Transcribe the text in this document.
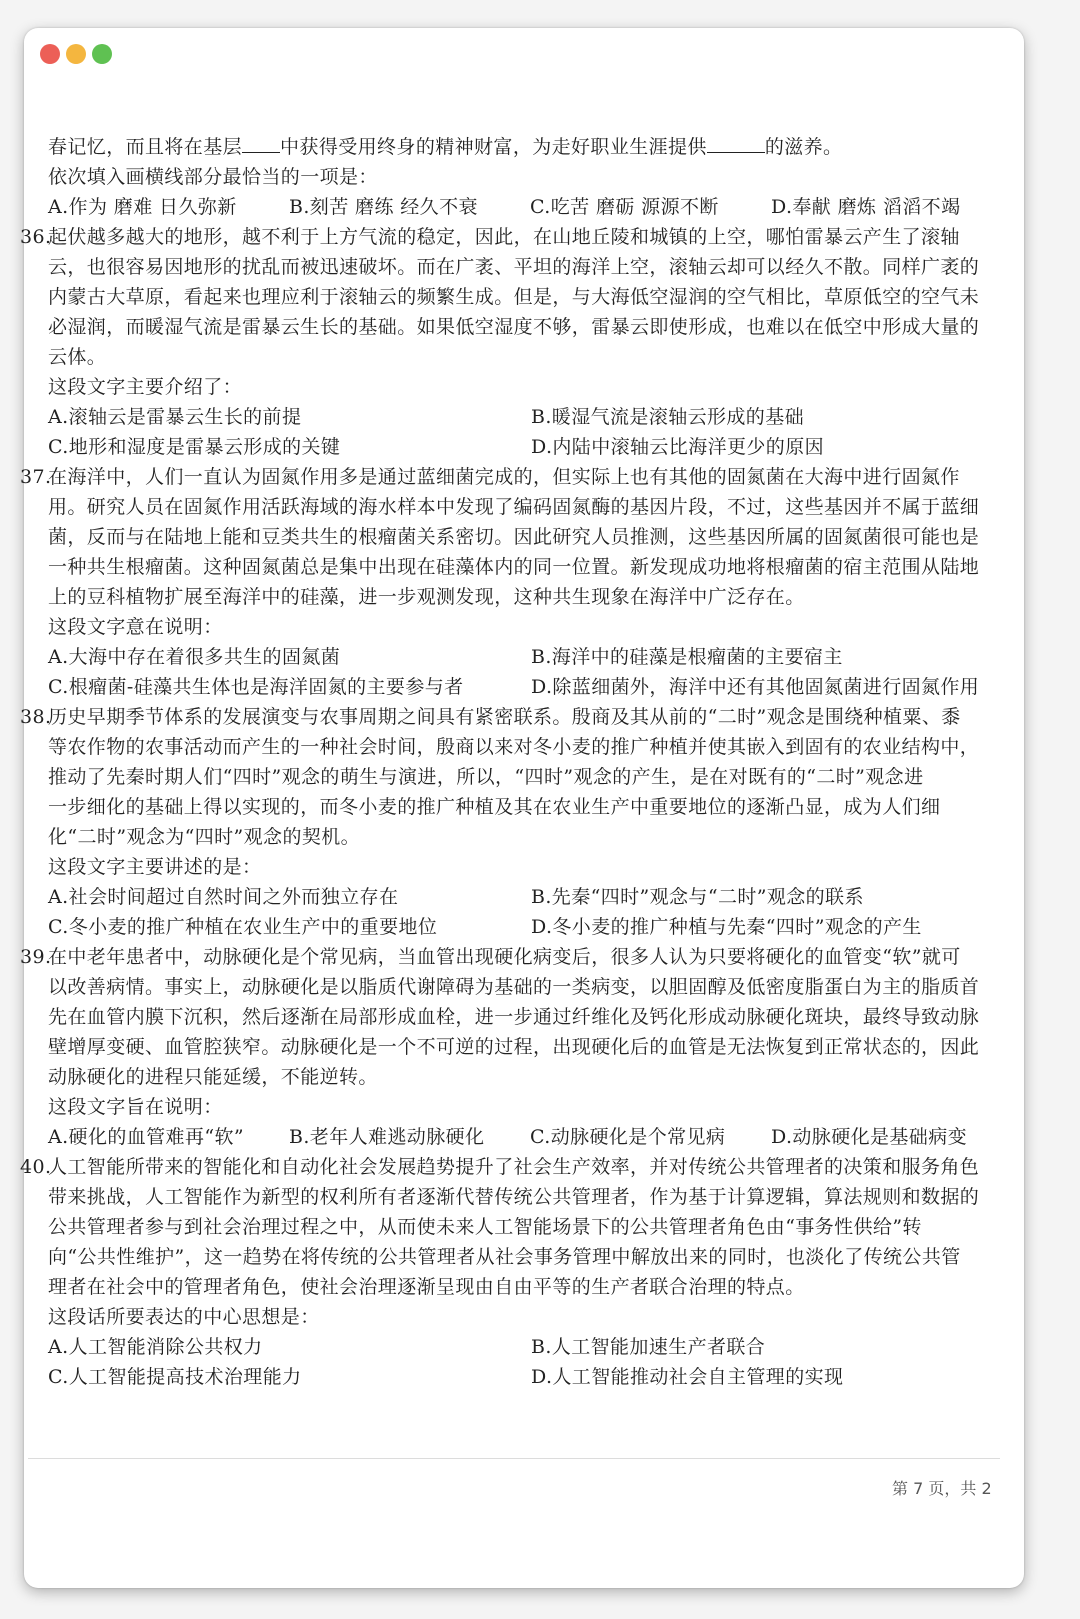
春记忆，而且将在基层 中获得受用终身的精神财富，为走好职业生涯提供	的滋养。
依次填入画横线部分最恰当的一项是：
A.作为 磨难 日久弥新	B.刻苦 磨练 经久不衰	C.吃苦 磨砺 源源不断	D.奉献 磨炼 滔滔不竭
36.起伏越多越大的地形，越不利于上方气流的稳定，因此，在山地丘陵和城镇的上空，哪怕雷暴云产生了滚轴
云，也很容易因地形的扰乱而被迅速破坏。而在广袤、平坦的海洋上空，滚轴云却可以经久不散。同样广袤的
内蒙古大草原，看起来也理应利于滚轴云的频繁生成。但是，与大海低空湿润的空气相比，草原低空的空气未
必湿润，而暖湿气流是雷暴云生长的基础。如果低空湿度不够，雷暴云即使形成，也难以在低空中形成大量的
云体。
这段文字主要介绍了：
A.滚轴云是雷暴云生长的前提	B.暖湿气流是滚轴云形成的基础
C.地形和湿度是雷暴云形成的关键	D.内陆中滚轴云比海洋更少的原因
37.在海洋中，人们一直认为固氮作用多是通过蓝细菌完成的，但实际上也有其他的固氮菌在大海中进行固氮作
用。研究人员在固氮作用活跃海域的海水样本中发现了编码固氮酶的基因片段，不过，这些基因并不属于蓝细
菌，反而与在陆地上能和豆类共生的根瘤菌关系密切。因此研究人员推测，这些基因所属的固氮菌很可能也是
一种共生根瘤菌。这种固氮菌总是集中出现在硅藻体内的同一位置。新发现成功地将根瘤菌的宿主范围从陆地
上的豆科植物扩展至海洋中的硅藻，进一步观测发现，这种共生现象在海洋中广泛存在。
这段文字意在说明：
A.大海中存在着很多共生的固氮菌	B.海洋中的硅藻是根瘤菌的主要宿主
C.根瘤菌-硅藻共生体也是海洋固氮的主要参与者	D.除蓝细菌外，海洋中还有其他固氮菌进行固氮作用
38.历史早期季节体系的发展演变与农事周期之间具有紧密联系。殷商及其从前的“二时”观念是围绕种植粟、黍
等农作物的农事活动而产生的一种社会时间，殷商以来对冬小麦的推广种植并使其嵌入到固有的农业结构中，
推动了先秦时期人们“四时”观念的萌生与演进，所以，“四时”观念的产生，是在对既有的“二时”观念进
一步细化的基础上得以实现的，而冬小麦的推广种植及其在农业生产中重要地位的逐渐凸显，成为人们细
化“二时”观念为“四时”观念的契机。
这段文字主要讲述的是：
A.社会时间超过自然时间之外而独立存在	B.先秦“四时”观念与“二时”观念的联系
C.冬小麦的推广种植在农业生产中的重要地位	D.冬小麦的推广种植与先秦“四时”观念的产生
39.在中老年患者中，动脉硬化是个常见病，当血管出现硬化病变后，很多人认为只要将硬化的血管变“软”就可
以改善病情。事实上，动脉硬化是以脂质代谢障碍为基础的一类病变，以胆固醇及低密度脂蛋白为主的脂质首
先在血管内膜下沉积，然后逐渐在局部形成血栓，进一步通过纤维化及钙化形成动脉硬化斑块，最终导致动脉
壁增厚变硬、血管腔狭窄。动脉硬化是一个不可逆的过程，出现硬化后的血管是无法恢复到正常状态的，因此
动脉硬化的进程只能延缓，不能逆转。
这段文字旨在说明：
A.硬化的血管难再“软”	B.老年人难逃动脉硬化	C.动脉硬化是个常见病	D.动脉硬化是基础病变
40.人工智能所带来的智能化和自动化社会发展趋势提升了社会生产效率，并对传统公共管理者的决策和服务角色
带来挑战，人工智能作为新型的权利所有者逐渐代替传统公共管理者，作为基于计算逻辑，算法规则和数据的
公共管理者参与到社会治理过程之中，从而使未来人工智能场景下的公共管理者角色由“事务性供给”转
向“公共性维护”，这一趋势在将传统的公共管理者从社会事务管理中解放出来的同时，也淡化了传统公共管
理者在社会中的管理者角色，使社会治理逐渐呈现由自由平等的生产者联合治理的特点。
这段话所要表达的中心思想是：
A.人工智能消除公共权力	B.人工智能加速生产者联合
C.人工智能提高技术治理能力	D.人工智能推动社会自主管理的实现
第 7 页，共 2
